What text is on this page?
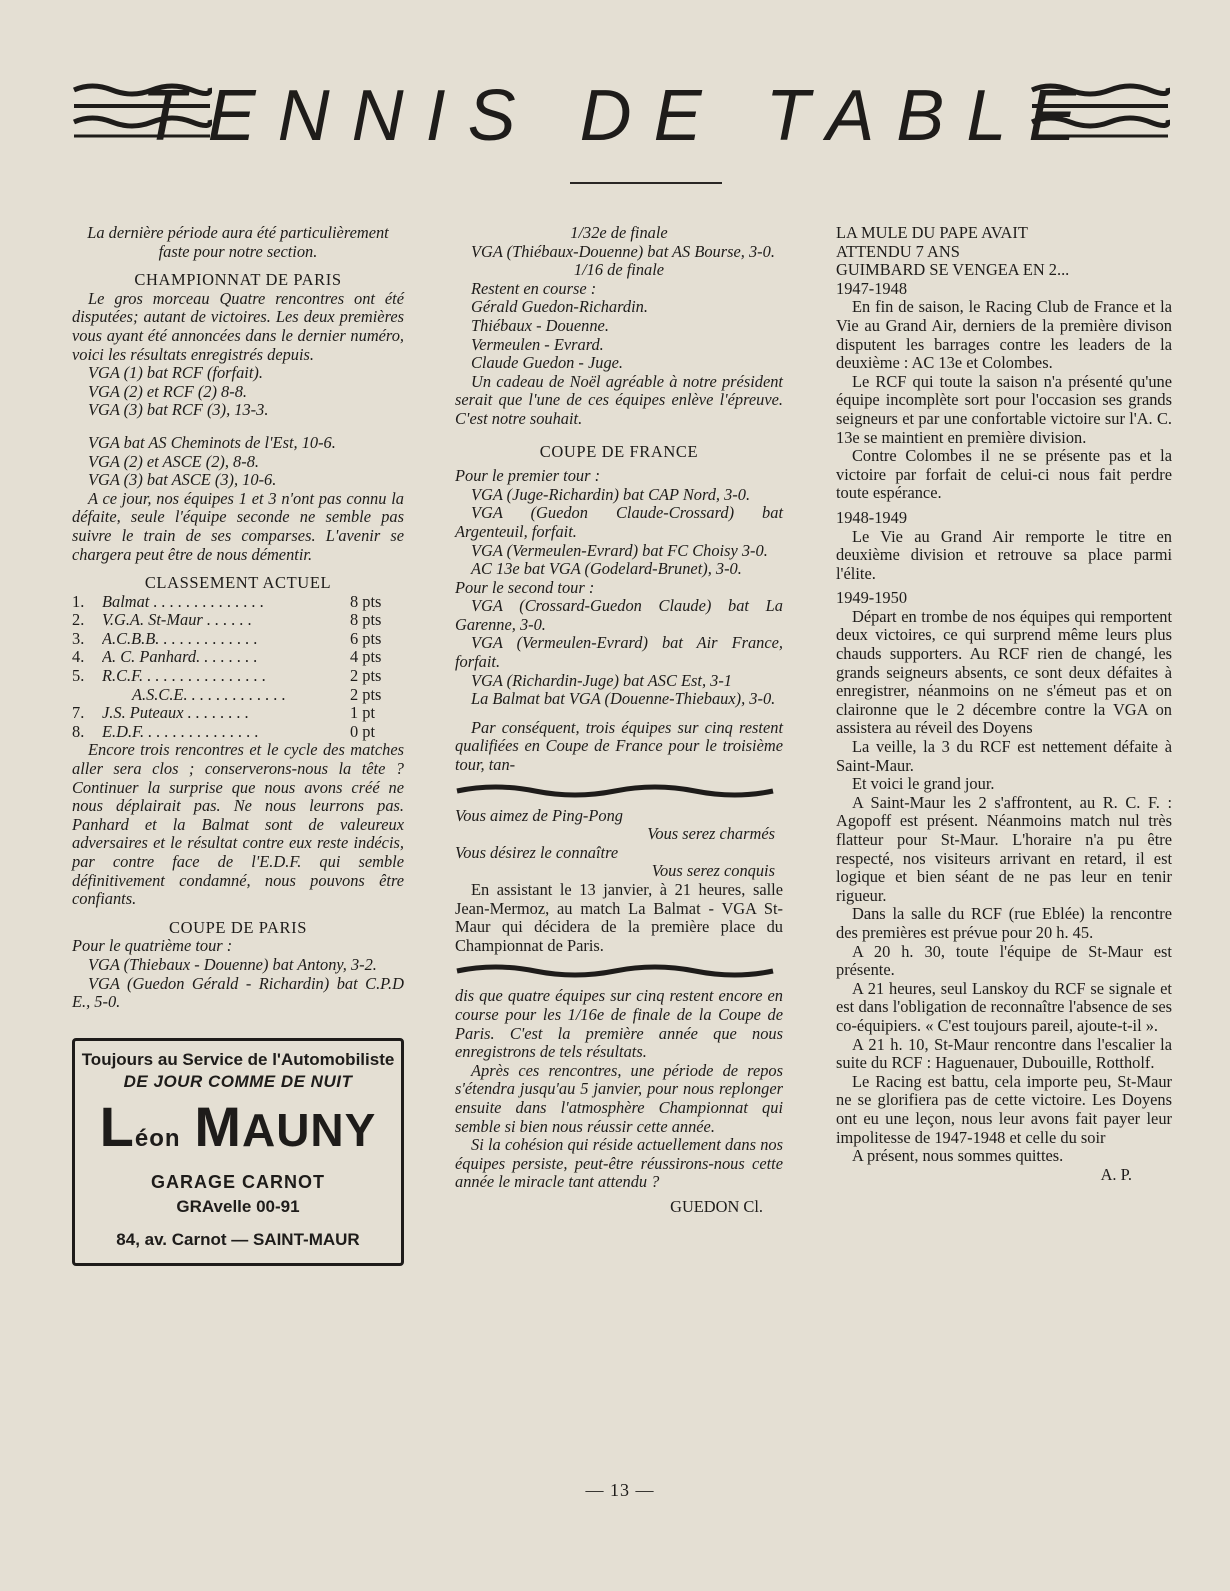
TENNIS DE TABLE

La dernière période aura été particulièrement faste pour notre section.

CHAMPIONNAT DE PARIS

Le gros morceau Quatre rencontres ont été disputées; autant de victoires. Les deux premières vous ayant été annoncées dans le dernier numéro, voici les résultats enregistrés depuis.

VGA (1) bat RCF (forfait).

VGA (2) et RCF (2) 8-8.

VGA (3) bat RCF (3), 13-3.

VGA bat AS Cheminots de l'Est, 10-6.

VGA (2) et ASCE (2), 8-8.

VGA (3) bat ASCE (3), 10-6.

A ce jour, nos équipes 1 et 3 n'ont pas connu la défaite, seule l'équipe seconde ne semble pas suivre le train de ses comparses. L'avenir se chargera peut être de nous démentir.

CLASSEMENT ACTUEL

1.	Balmat . . . . . . . . . . . . . .	8 pts
2.	V.G.A. St-Maur . . . . . .	8 pts
3.	A.C.B.B. . . . . . . . . . . . .	6 pts
4.	A. C. Panhard. . . . . . . .	4 pts
5.	R.C.F. . . . . . . . . . . . . . . .	2 pts
	A.S.C.E. . . . . . . . . . . . .	2 pts
7.	J.S. Puteaux . . . . . . . .	1 pt
8.	E.D.F. . . . . . . . . . . . . . .	0 pt

Encore trois rencontres et le cycle des matches aller sera clos ; conserverons-nous la tête ? Continuer la surprise que nous avons créé ne nous déplairait pas. Ne nous leurrons pas. Panhard et la Balmat sont de valeureux adversaires et le résultat contre eux reste indécis, par contre face de l'E.D.F. qui semble définitivement condamné, nous pouvons être confiants.

COUPE DE PARIS

Pour le quatrième tour :

VGA (Thiebaux - Douenne) bat Antony, 3-2.

VGA (Guedon Gérald - Richardin) bat C.P.D E., 5-0.

Toujours au Service de l'Automobiliste
DE JOUR COMME DE NUIT
Léon MAUNY
GARAGE CARNOT
GRAvelle 00-91
84, av. Carnot — SAINT-MAUR

1/32e de finale

VGA (Thiébaux-Douenne) bat AS Bourse, 3-0.

1/16 de finale

Restent en course :

Gérald Guedon-Richardin.

Thiébaux - Douenne.

Vermeulen - Evrard.

Claude Guedon - Juge.

Un cadeau de Noël agréable à notre président serait que l'une de ces équipes enlève l'épreuve. C'est notre souhait.

COUPE DE FRANCE

Pour le premier tour :

VGA (Juge-Richardin) bat CAP Nord, 3-0.

VGA (Guedon Claude-Crossard) bat Argenteuil, forfait.

VGA (Vermeulen-Evrard) bat FC Choisy 3-0.

AC 13e bat VGA (Godelard-Brunet), 3-0.

Pour le second tour :

VGA (Crossard-Guedon Claude) bat La Garenne, 3-0.

VGA (Vermeulen-Evrard) bat Air France, forfait.

VGA (Richardin-Juge) bat ASC Est, 3-1

La Balmat bat VGA (Douenne-Thiebaux), 3-0.

Par conséquent, trois équipes sur cinq restent qualifiées en Coupe de France pour le troisième tour, tan-

Vous aimez de Ping-Pong

Vous serez charmés

Vous désirez le connaître

Vous serez conquis

En assistant le 13 janvier, à 21 heures, salle Jean-Mermoz, au match La Balmat - VGA St-Maur qui décidera de la première place du Championnat de Paris.

dis que quatre équipes sur cinq restent encore en course pour les 1/16e de finale de la Coupe de Paris. C'est la première année que nous enregistrons de tels résultats.

Après ces rencontres, une période de repos s'étendra jusqu'au 5 janvier, pour nous replonger ensuite dans l'atmosphère Championnat qui semble si bien nous réussir cette année.

Si la cohésion qui réside actuellement dans nos équipes persiste, peut-être réussirons-nous cette année le miracle tant attendu ?

GUEDON Cl.

LA MULE DU PAPE AVAIT

ATTENDU 7 ANS

GUIMBARD SE VENGEA EN 2...

1947-1948

En fin de saison, le Racing Club de France et la Vie au Grand Air, derniers de la première divison disputent les barrages contre les leaders de la deuxième : AC 13e et Colombes.

Le RCF qui toute la saison n'a présenté qu'une équipe incomplète sort pour l'occasion ses grands seigneurs et par une confortable victoire sur l'A. C. 13e se maintient en première division.

Contre Colombes il ne se présente pas et la victoire par forfait de celui-ci nous fait perdre toute espérance.

1948-1949

Le Vie au Grand Air remporte le titre en deuxième division et retrouve sa place parmi l'élite.

1949-1950

Départ en trombe de nos équipes qui remportent deux victoires, ce qui surprend même leurs plus chauds supporters. Au RCF rien de changé, les grands seigneurs absents, ce sont deux défaites à enregistrer, néanmoins on ne s'émeut pas et on claironne que le 2 décembre contre la VGA on assistera au réveil des Doyens

La veille, la 3 du RCF est nettement défaite à Saint-Maur.

Et voici le grand jour.

A Saint-Maur les 2 s'affrontent, au R. C. F. : Agopoff est présent. Néanmoins match nul très flatteur pour St-Maur. L'horaire n'a pu être respecté, nos visiteurs arrivant en retard, il est logique et bien séant de ne pas leur en tenir rigueur.

Dans la salle du RCF (rue Eblée) la rencontre des premières est prévue pour 20 h. 45.

A 20 h. 30, toute l'équipe de St-Maur est présente.

A 21 heures, seul Lanskoy du RCF se signale et est dans l'obligation de reconnaître l'absence de ses co-équipiers. « C'est toujours pareil, ajoute-t-il ».

A 21 h. 10, St-Maur rencontre dans l'escalier la suite du RCF : Haguenauer, Dubouille, Rottholf.

Le Racing est battu, cela importe peu, St-Maur ne se glorifiera pas de cette victoire. Les Doyens ont eu une leçon, nous leur avons fait payer leur impolitesse de 1947-1948 et celle du soir

A présent, nous sommes quittes.

A. P.

— 13 —
